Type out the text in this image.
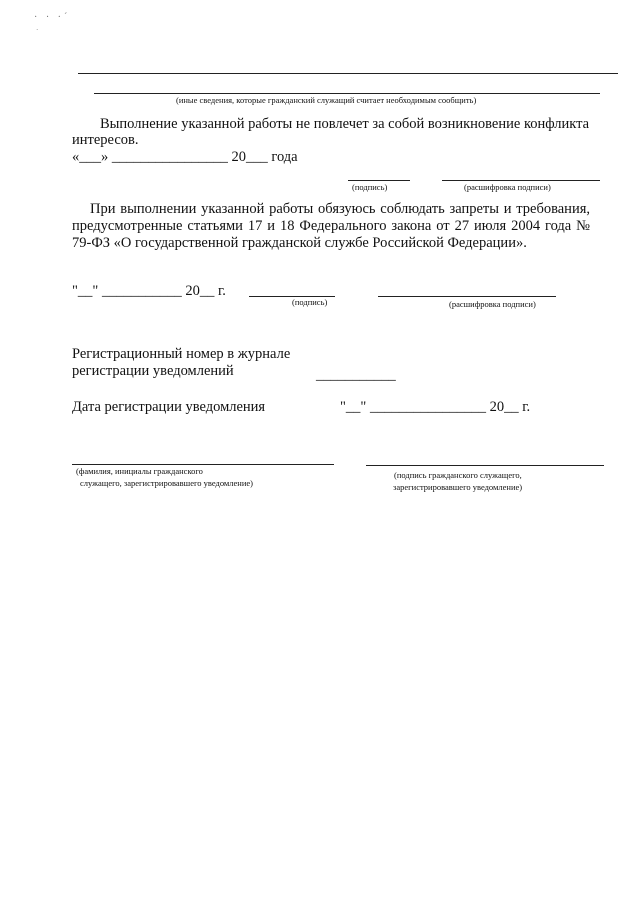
· · ·´
·
(иные сведения, которые гражданский служащий считает необходимым сообщить)
Выполнение указанной работы не повлечет за собой возникновение конфликта
интересов.
«___» ________________ 20___ года
(подпись)	(расшифровка подписи)
При выполнении указанной работы обязуюсь соблюдать запреты и требования, предусмотренные статьями 17 и 18 Федерального закона от 27 июля 2004 года № 79-ФЗ «О государственной гражданской службе Российской Федерации».
"__" ___________ 20__ г.
(подпись)	(расшифровка подписи)
Регистрационный номер в журнале
регистрации уведомлений	___________
Дата регистрации уведомления	"__" ________________ 20__ г.
(фамилия, инициалы гражданского
служащего, зарегистрировавшего уведомление)
(подпись гражданского служащего,
зарегистрировавшего уведомление)
